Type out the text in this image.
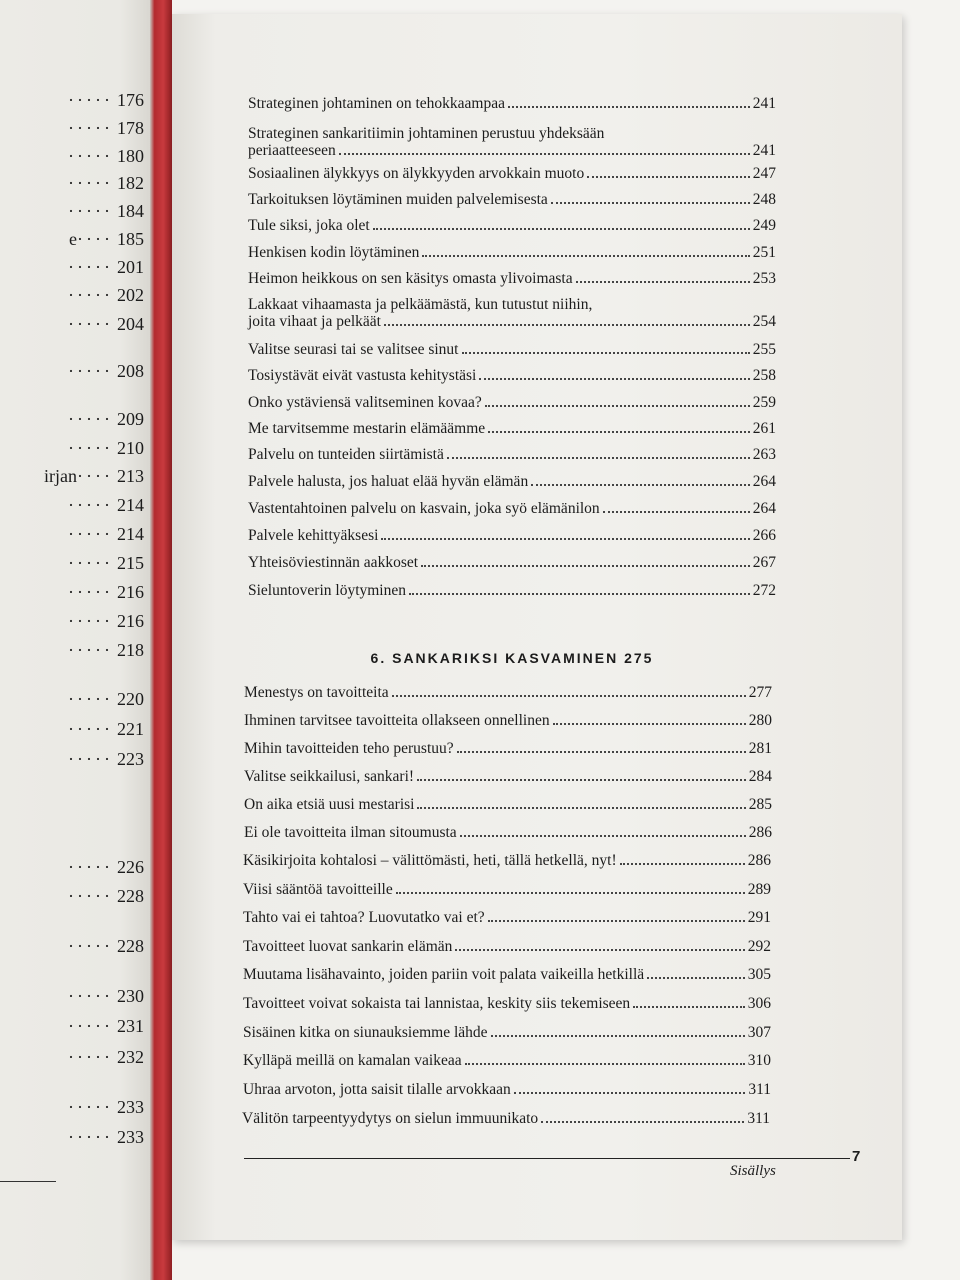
····· 176
····· 178
····· 180
····· 182
····· 184
e ···· 185
····· 201
····· 202
····· 204
····· 208
····· 209
····· 210
irjan ···· 213
····· 214
····· 214
····· 215
····· 216
····· 216
····· 218
····· 220
····· 221
····· 223
····· 226
····· 228
····· 228
····· 230
····· 231
····· 232
····· 233
····· 233
Strateginen johtaminen on tehokkaampaa	241
Strateginen sankaritiimin johtaminen perustuu yhdeksään
periaatteeseen	241
Sosiaalinen älykkyys on älykkyyden arvokkain muoto	247
Tarkoituksen löytäminen muiden palvelemisesta	248
Tule siksi, joka olet	249
Henkisen kodin löytäminen	251
Heimon heikkous on sen käsitys omasta ylivoimasta	253
Lakkaat vihaamasta ja pelkäämästä, kun tutustut niihin,
joita vihaat ja pelkäät	254
Valitse seurasi tai se valitsee sinut	255
Tosiystävät eivät vastusta kehitystäsi	258
Onko ystäviensä valitseminen kovaa?	259
Me tarvitsemme mestarin elämäämme	261
Palvelu on tunteiden siirtämistä	263
Palvele halusta, jos haluat elää hyvän elämän	264
Vastentahtoinen palvelu on kasvain, joka syö elämänilon	264
Palvele kehittyäksesi	266
Yhteisöviestinnän aakkoset	267
Sieluntoverin löytyminen	272
6. SANKARIKSI KASVAMINEN 275
Menestys on tavoitteita	277
Ihminen tarvitsee tavoitteita ollakseen onnellinen	280
Mihin tavoitteiden teho perustuu?	281
Valitse seikkailusi, sankari!	284
On aika etsiä uusi mestarisi	285
Ei ole tavoitteita ilman sitoumusta	286
Käsikirjoita kohtalosi – välittömästi, heti, tällä hetkellä, nyt!	286
Viisi sääntöä tavoitteille	289
Tahto vai ei tahtoa? Luovutatko vai et?	291
Tavoitteet luovat sankarin elämän	292
Muutama lisähavainto, joiden pariin voit palata vaikeilla hetkillä	305
Tavoitteet voivat sokaista tai lannistaa, keskity siis tekemiseen	306
Sisäinen kitka on siunauksiemme lähde	307
Kylläpä meillä on kamalan vaikeaa	310
Uhraa arvoton, jotta saisit tilalle arvokkaan	311
Välitön tarpeentyydytys on sielun immuunikato	311
Sisällys
7
